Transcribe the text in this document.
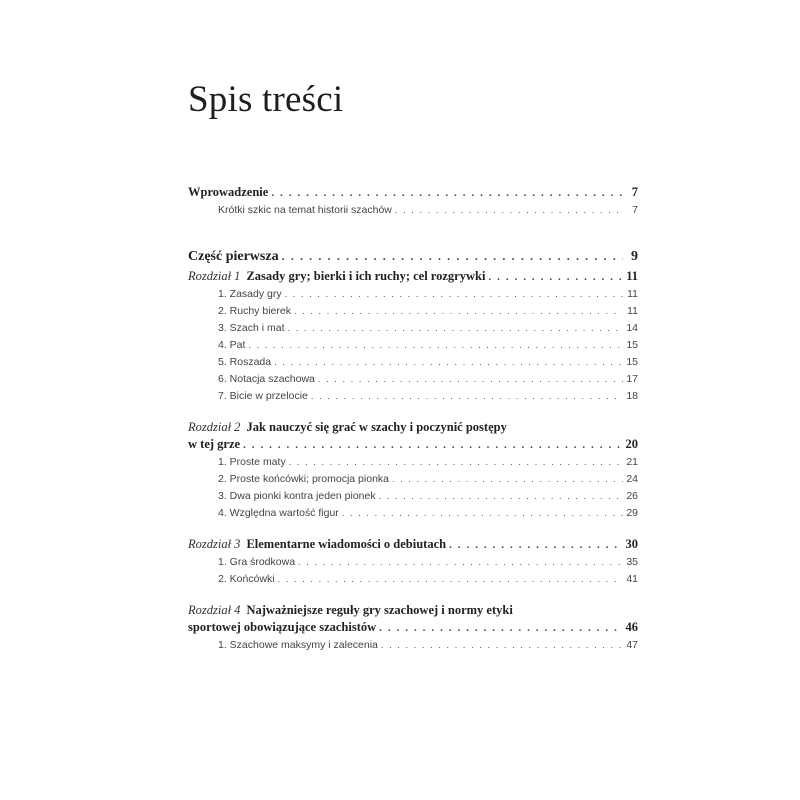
Spis treści
Wprowadzenie . . .	7
Krótki szkic na temat historii szachów . . .	7
Część pierwsza . . .	9
Rozdział 1 Zasady gry; bierki i ich ruchy; cel rozgrywki . . .	11
1. Zasady gry . . .	11
2. Ruchy bierek . . .	11
3. Szach i mat . . .	14
4. Pat . . .	15
5. Roszada . . .	15
6. Notacja szachowa . . .	17
7. Bicie w przelocie . . .	18
Rozdział 2 Jak nauczyć się grać w szachy i poczynić postępy
w tej grze . . .	20
1. Proste maty . . .	21
2. Proste końcówki; promocja pionka . . .	24
3. Dwa pionki kontra jeden pionek . . .	26
4. Względna wartość figur . . .	29
Rozdział 3 Elementarne wiadomości o debiutach . . .	30
1. Gra środkowa . . .	35
2. Końcówki . . .	41
Rozdział 4 Najważniejsze reguły gry szachowej i normy etyki
sportowej obowiązujące szachistów . . .	46
1. Szachowe maksymy i zalecenia . . .	47
